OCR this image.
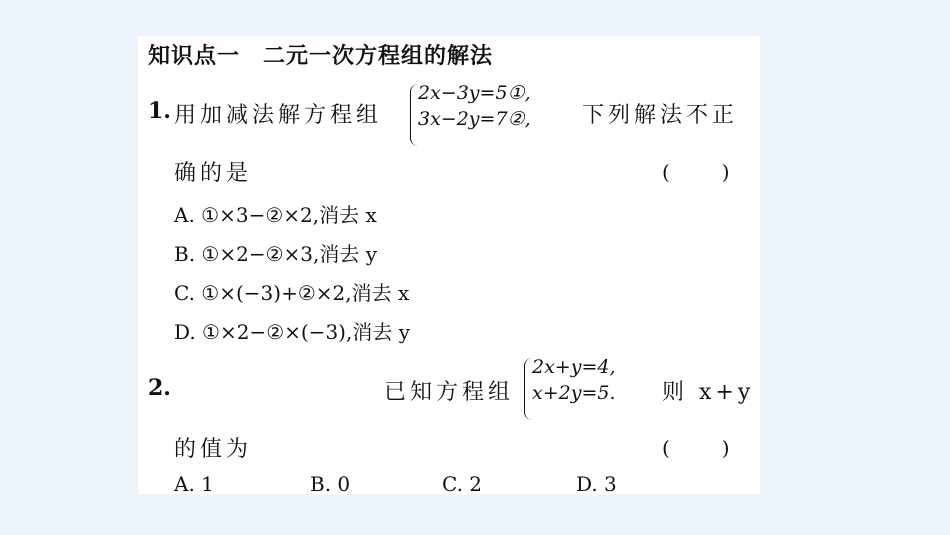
知识点一　二元一次方程组的解法
1. 用加减法解方程组
2x−3y=5①,
3x−2y=7②, 下列解法不正
确的是	(　　)
A. ①×3−②×2,消去 x
B. ①×2−②×3,消去 y
C. ①×(−3)+②×2,消去 x
D. ①×2−②×(−3),消去 y
2.	已知方程组
2x+y=4,
x+2y=5. 则 x+y
的值为	(　　)
A. 1	B. 0	C. 2	D. 3
